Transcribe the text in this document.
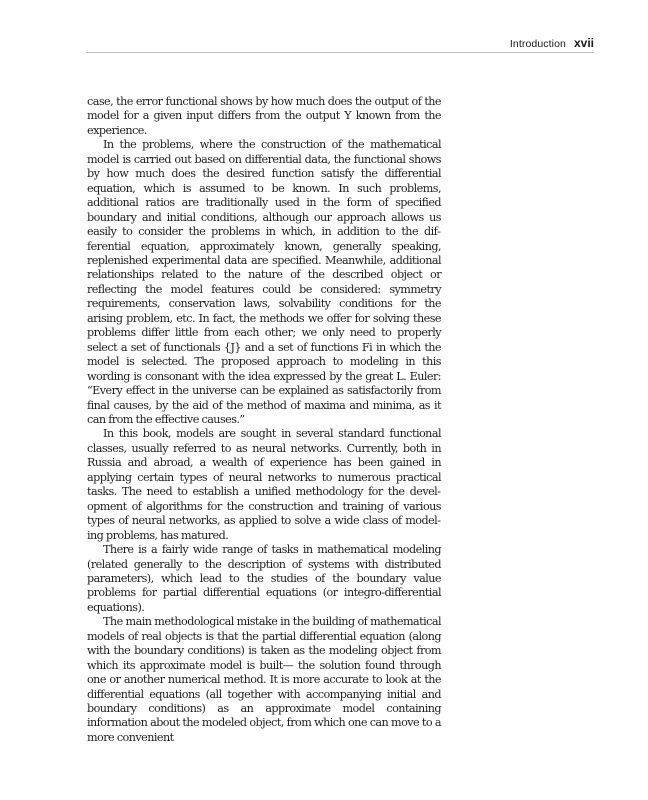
Introduction xvii

case, the error functional shows by how much does the output of the model for a given input differs from the output Y known from the experience.

In the problems, where the construction of the mathematical model is carried out based on differential data, the functional shows by how much does the desired function satisfy the differential equation, which is assumed to be known. In such problems, additional ratios are traditionally used in the form of specified boundary and initial conditions, although our approach allows us easily to consider the problems in which, in addition to the differential equation, approximately known, generally speaking, replenished experimental data are specified. Meanwhile, additional relationships related to the nature of the described object or reflecting the model features could be considered: symmetry requirements, conservation laws, solvability conditions for the arising problem, etc. In fact, the methods we offer for solving these problems differ little from each other; we only need to properly select a set of functionals {J} and a set of functions Fi in which the model is selected. The proposed approach to modeling in this wording is consonant with the idea expressed by the great L. Euler: “Every effect in the universe can be explained as satisfactorily from final causes, by the aid of the method of maxima and minima, as it can from the effective causes.”

In this book, models are sought in several standard functional classes, usually referred to as neural networks. Currently, both in Russia and abroad, a wealth of experience has been gained in applying certain types of neural networks to numerous practical tasks. The need to establish a unified methodology for the development of algorithms for the construction and training of various types of neural networks, as applied to solve a wide class of modeling problems, has matured.

There is a fairly wide range of tasks in mathematical modeling (related generally to the description of systems with distributed parameters), which lead to the studies of the boundary value problems for partial differential equations (or integro-differential equations).

The main methodological mistake in the building of mathematical models of real objects is that the partial differential equation (along with the boundary conditions) is taken as the modeling object from which its approximate model is built— the solution found through one or another numerical method. It is more accurate to look at the differential equations (all together with accompanying initial and boundary conditions) as an approximate model containing information about the modeled object, from which one can move to a more convenient
